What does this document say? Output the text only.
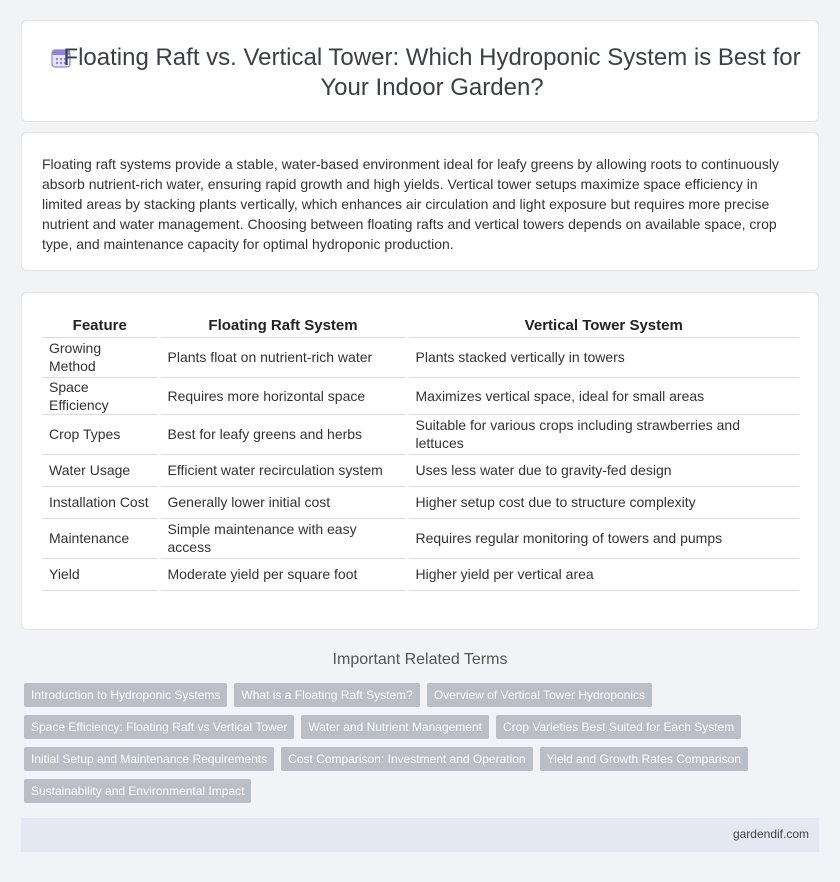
Floating Raft vs. Vertical Tower: Which Hydroponic System is Best for Your Indoor Garden?

Floating raft systems provide a stable, water-based environment ideal for leafy greens by allowing roots to continuously absorb nutrient-rich water, ensuring rapid growth and high yields. Vertical tower setups maximize space efficiency in limited areas by stacking plants vertically, which enhances air circulation and light exposure but requires more precise nutrient and water management. Choosing between floating rafts and vertical towers depends on available space, crop type, and maintenance capacity for optimal hydroponic production.

Feature	Floating Raft System	Vertical Tower System
Growing Method	Plants float on nutrient-rich water	Plants stacked vertically in towers
Space Efficiency	Requires more horizontal space	Maximizes vertical space, ideal for small areas
Crop Types	Best for leafy greens and herbs	Suitable for various crops including strawberries and lettuces
Water Usage	Efficient water recirculation system	Uses less water due to gravity-fed design
Installation Cost	Generally lower initial cost	Higher setup cost due to structure complexity
Maintenance	Simple maintenance with easy access	Requires regular monitoring of towers and pumps
Yield	Moderate yield per square foot	Higher yield per vertical area
Important Related Terms
Introduction to Hydroponic Systems	What is a Floating Raft System?	Overview of Vertical Tower Hydroponics
Space Efficiency: Floating Raft vs Vertical Tower	Water and Nutrient Management	Crop Varieties Best Suited for Each System
Initial Setup and Maintenance Requirements	Cost Comparison: Investment and Operation	Yield and Growth Rates Comparison
Sustainability and Environmental Impact
gardendif.com
